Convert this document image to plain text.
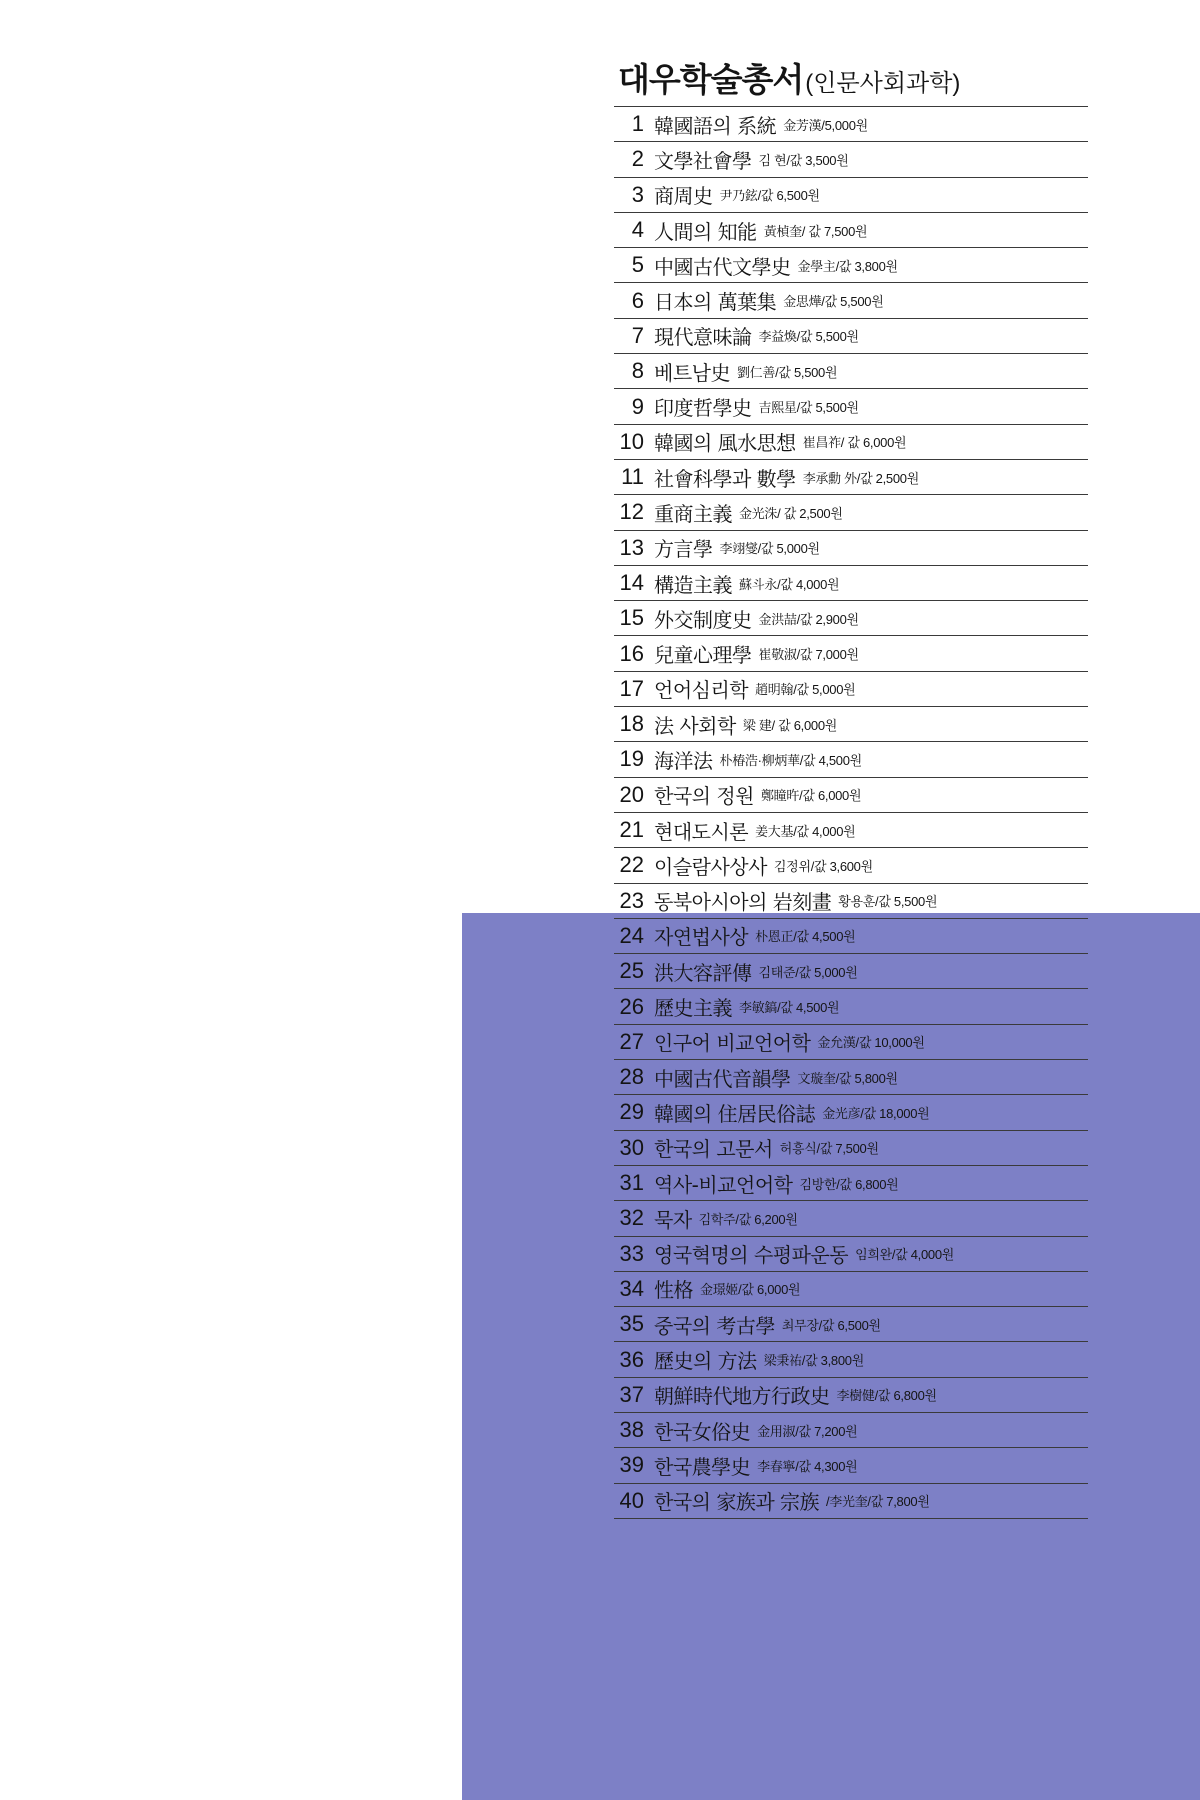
대우학술총서(인문사회과학)
1 韓國語의 系統 金芳漢/5,000원
2 文學社會學 김 현/값 3,500원
3 商周史 尹乃鉉/값 6,500원
4 人間의 知能 黃楨奎/ 값 7,500원
5 中國古代文學史 金學主/값 3,800원
6 日本의 萬葉集 金思燁/값 5,500원
7 現代意味論 李益煥/값 5,500원
8 베트남史 劉仁善/값 5,500원
9 印度哲學史 吉熙星/값 5,500원
10 韓國의 風水思想 崔昌祚/ 값 6,000원
11 社會科學과 數學 李承勳 外/값 2,500원
12 重商主義 金光洙/ 값 2,500원
13 方言學 李翊燮/값 5,000원
14 構造主義 蘇斗永/값 4,000원
15 外交制度史 金洪喆/값 2,900원
16 兒童心理學 崔敬淑/값 7,000원
17 언어심리학 趙明翰/값 5,000원
18 法 사회학 梁 建/ 값 6,000원
19 海洋法 朴椿浩·柳炳華/값 4,500원
20 한국의 정원 鄭瞳旿/값 6,000원
21 현대도시론 姜大基/값 4,000원
22 이슬람사상사 김정위/값 3,600원
23 동북아시아의 岩刻畫 황용훈/값 5,500원
24 자연법사상 朴恩正/값 4,500원
25 洪大容評傳 김태준/값 5,000원
26 歷史主義 李敏鎬/값 4,500원
27 인구어 비교언어학 金允漢/값 10,000원
28 中國古代音韻學 文璇奎/값 5,800원
29 韓國의 住居民俗誌 金光彦/값 18,000원
30 한국의 고문서 허흥식/값 7,500원
31 역사-비교언어학 김방한/값 6,800원
32 묵자 김학주/값 6,200원
33 영국혁명의 수평파운동 임희완/값 4,000원
34 性格 金璟姬/값 6,000원
35 중국의 考古學 최무장/값 6,500원
36 歷史의 方法 梁秉祐/값 3,800원
37 朝鮮時代地方行政史 李樹健/값 6,800원
38 한국女俗史 金用淑/값 7,200원
39 한국農學史 李春寧/값 4,300원
40 한국의 家族과 宗族 /李光奎/값 7,800원
